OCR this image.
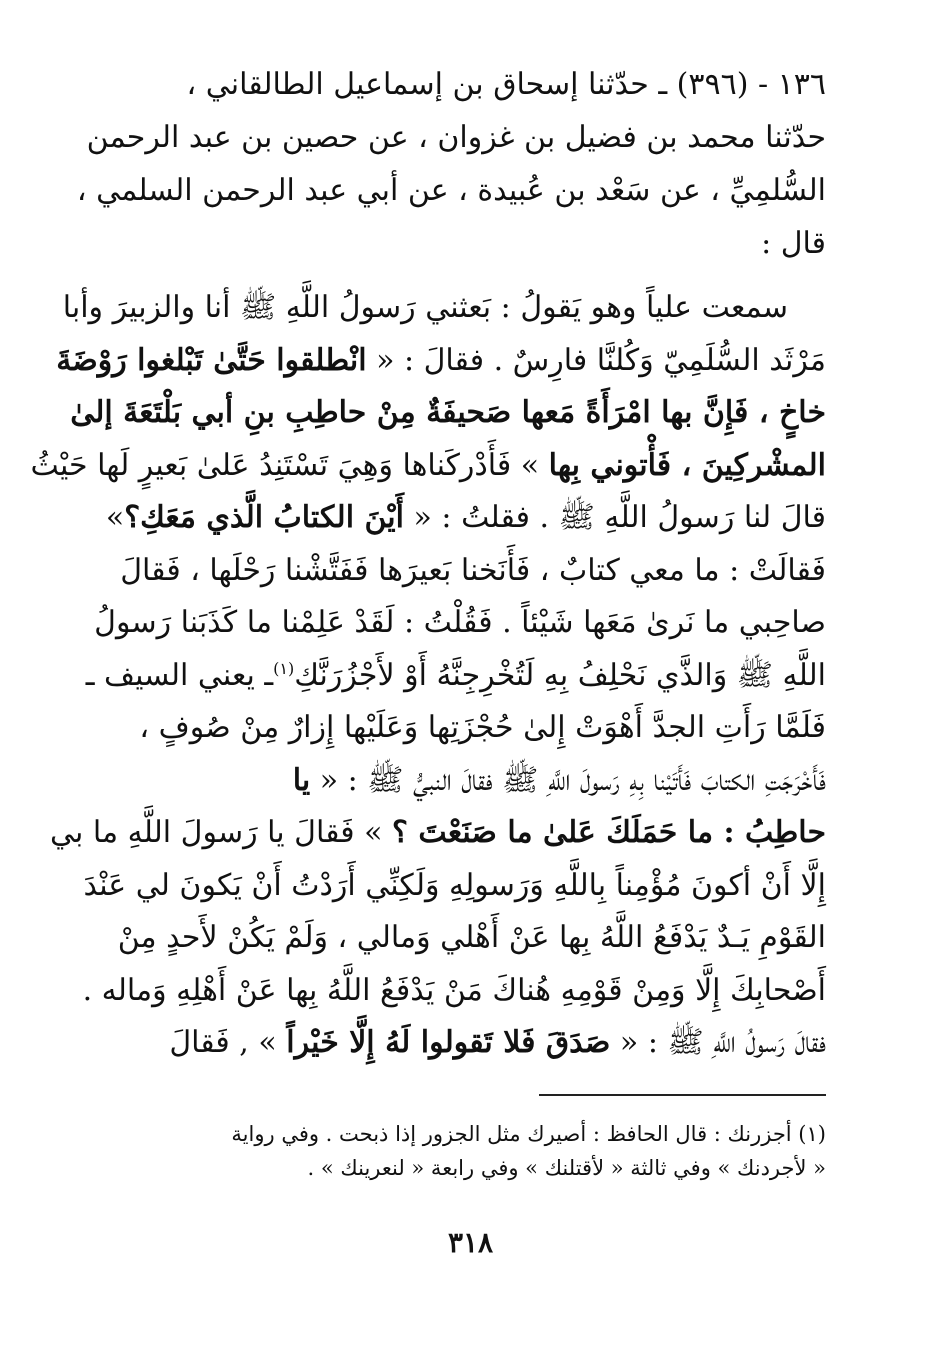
١٣٦ - (٣٩٦) ـ حدّثنا إسحاق بن إسماعيل الطالقاني ،
حدّثنا محمد بن فضيل بن غزوان ، عن حصين بن عبد الرحمن
السُّلمِيِّ ، عن سَعْد بن عُبيدة ، عن أبي عبد الرحمن السلمي ،
قال :
سمعت علياً وهو يَقولُ : بَعثني رَسولُ اللَّهِ ﷺ أنا والزبيرَ وأبا
مَرْثَد السُّلَمِيّ وَكُلنَّا فارِسٌ . فقالَ : « انْطلقوا حَتَّىٰ تَبْلغوا رَوْضَةَ
خاخٍ ، فَإِنَّ بها امْرَأَةً مَعها صَحيفَةٌ مِنْ حاطِبِ بنِ أبي بَلْتَعَةَ إلىٰ
المشْركِينَ ، فَأْتوني بِها » فَأَدْركَناها وَهِيَ تَسْتَنِدُ عَلىٰ بَعيرٍ لَها حَيْثُ
قالَ لنا رَسولُ اللَّهِ ﷺ . فقلتُ : « أَيْنَ الكتابُ الَّذي مَعَكِ؟»
فَقالَتْ : ما معي كتابٌ ، فَأَنَخنا بَعيرَها فَفَتَّشْنا رَحْلَها ، فَقالَ
صاحِبي ما نَرىٰ مَعَها شَيْئاً . فَقُلْتُ : لَقَدْ عَلِمْنا ما كَذَبَنا رَسولُ
اللَّهِ ﷺ وَالذَّي نَحْلِفُ بِهِ لَتُخْرِجِنَّهُ أَوْ لأَجْزُرَنَّكِ$^{(١)}$ـ يعني السيف ـ
فَلَمَّا رَأَتِ الجدَّ أَهْوَتْ إِلىٰ حُجْزَتِها وَعَلَيْها إِزارٌ مِنْ صُوفٍ ،
فَأَخْرَجَتِ الكتابَ فَأَتَيْنا بِهِ رَسولَ اللَّهِ ﷺ فقالَ النبيُّ ﷺ : « يا
حاطِبُ : ما حَمَلَكَ عَلىٰ ما صَنَعْتَ ؟ » فَقالَ يا رَسولَ اللَّهِ ما بي
إِلَّا أَنْ أكونَ مُؤْمِناً بِاللَّهِ وَرَسولِهِ وَلَكِنِّي أَرَدْتُ أَنْ يَكونَ لي عَنْدَ
القَوْمِ يَـدٌ يَدْفَعُ اللَّهُ بِها عَنْ أَهْلي وَمالي ، وَلَمْ يَكُنْ لأَحدٍ مِنْ
أَصْحابِكَ إِلَّا وَمِنْ قَوْمِهِ هُناكَ مَنْ يَدْفَعُ اللَّهُ بِها عَنْ أَهْلِهِ وَماله .
فقالَ رَسولُ اللَّهِ ﷺ : « صَدَقَ فَلا تَقولوا لَهُ إِلَّا خَيْراً » , فَقالَ
(١) أجزرنك : قال الحافظ : أصيرك مثل الجزور إذا ذبحت . وفي رواية
« لأجردنك » وفي ثالثة « لأقتلنك » وفي رابعة « لنعرينك » .
٣١٨
